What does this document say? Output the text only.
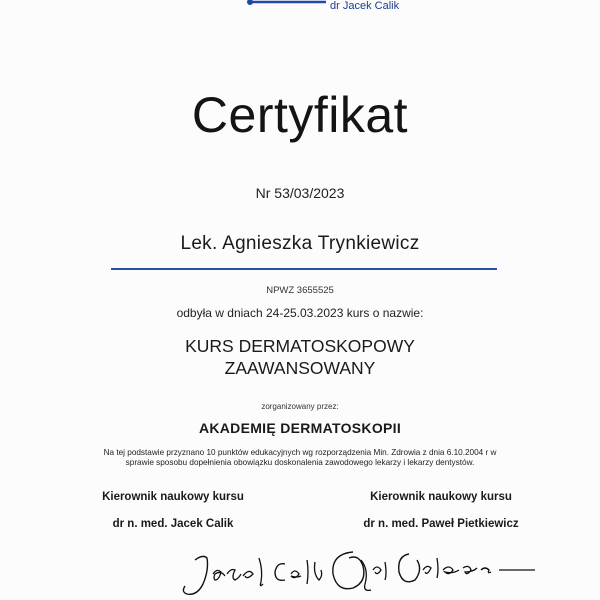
dr Jacek Calik
Certyfikat
Nr 53/03/2023
Lek. Agnieszka Trynkiewicz
NPWZ 3655525
odbyła w dniach 24-25.03.2023 kurs o nazwie:
KURS DERMATOSKOPOWY
ZAAWANSOWANY
zorganizowany przez:
AKADEMIĘ DERMATOSKOPII
Na tej podstawie przyznano 10 punktów edukacyjnych wg rozporządzenia Min. Zdrowia z dnia 6.10.2004 r w
sprawie sposobu dopełnienia obowiązku doskonalenia zawodowego lekarzy i lekarzy dentystów.
Kierownik naukowy kursu
dr n. med. Jacek Calik
Kierownik naukowy kursu
dr n. med. Paweł Pietkiewicz
